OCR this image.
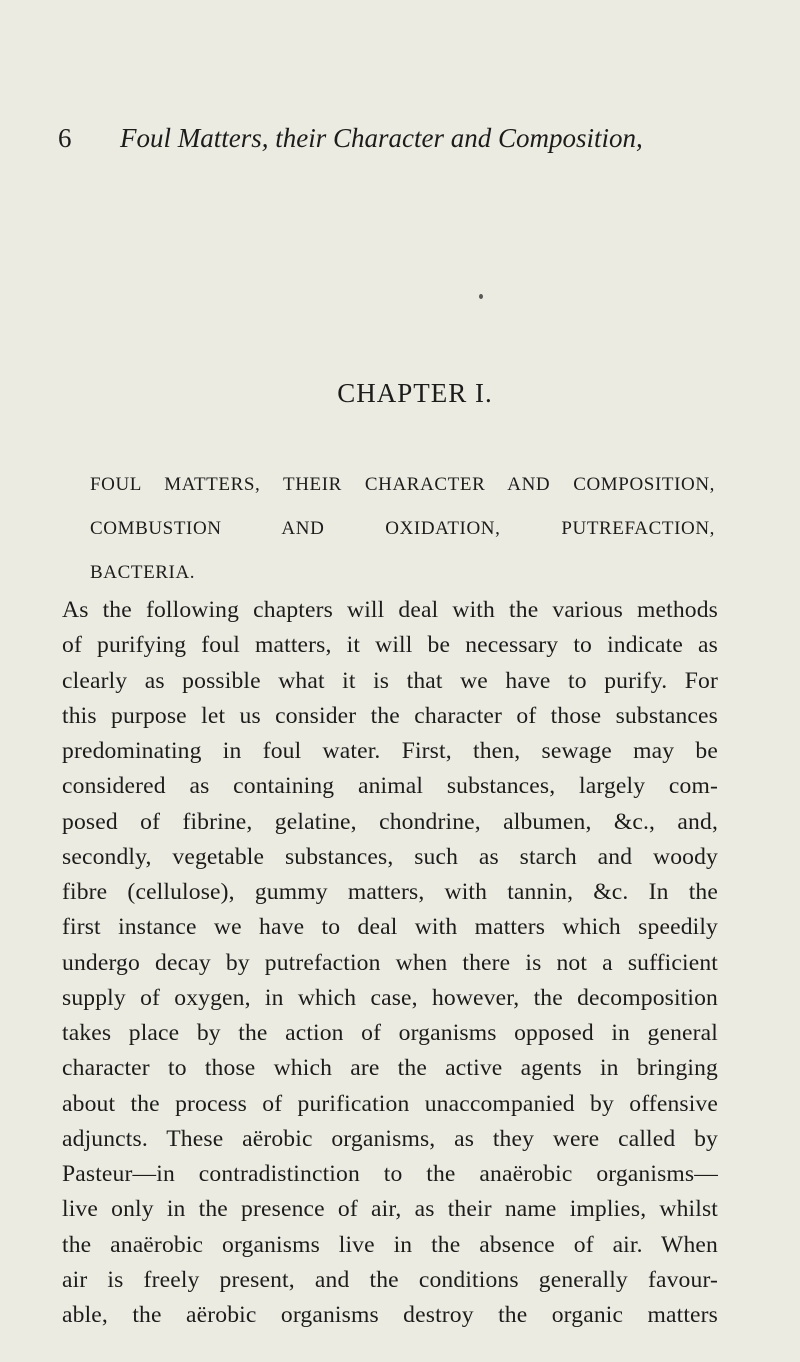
6 Foul Matters, their Character and Composition,
CHAPTER I.
FOUL MATTERS, THEIR CHARACTER AND COMPOSITION,
COMBUSTION AND OXIDATION, PUTREFACTION,
BACTERIA.
As the following chapters will deal with the various methods
of purifying foul matters, it will be necessary to indicate as
clearly as possible what it is that we have to purify. For
this purpose let us consider the character of those substances
predominating in foul water. First, then, sewage may be
considered as containing animal substances, largely com-
posed of fibrine, gelatine, chondrine, albumen, &c., and,
secondly, vegetable substances, such as starch and woody
fibre (cellulose), gummy matters, with tannin, &c. In the
first instance we have to deal with matters which speedily
undergo decay by putrefaction when there is not a sufficient
supply of oxygen, in which case, however, the decomposition
takes place by the action of organisms opposed in general
character to those which are the active agents in bringing
about the process of purification unaccompanied by offensive
adjuncts. These aërobic organisms, as they were called by
Pasteur—in contradistinction to the anaërobic organisms—
live only in the presence of air, as their name implies, whilst
the anaërobic organisms live in the absence of air. When
air is freely present, and the conditions generally favour-
able, the aërobic organisms destroy the organic matters
